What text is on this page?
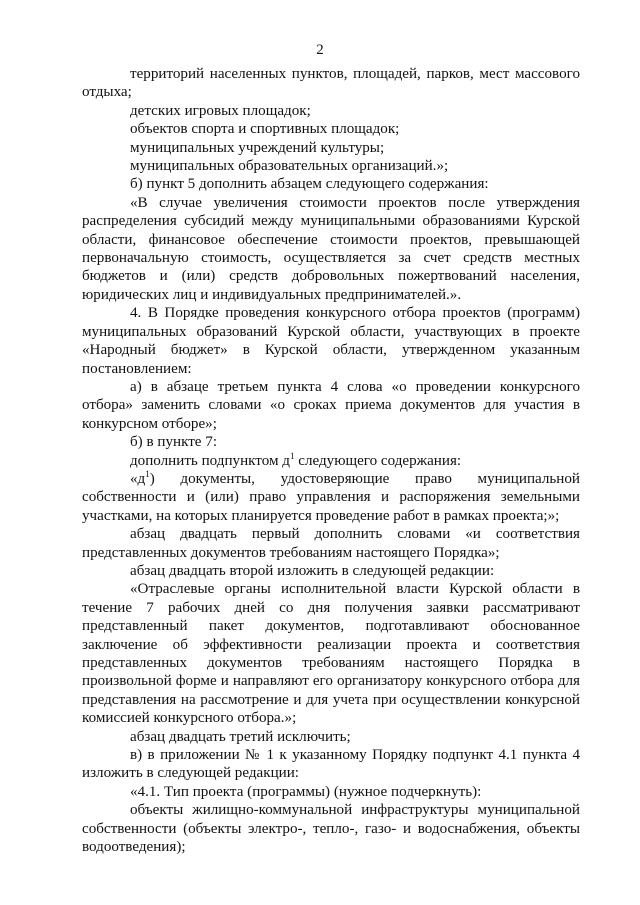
2

территорий населенных пунктов, площадей, парков, мест массового отдыха;

детских игровых площадок;

объектов спорта и спортивных площадок;

муниципальных учреждений культуры;

муниципальных образовательных организаций.»;

б) пункт 5 дополнить абзацем следующего содержания:

«В случае увеличения стоимости проектов после утверждения распределения субсидий между муниципальными образованиями Курской области, финансовое обеспечение стоимости проектов, превышающей первоначальную стоимость, осуществляется за счет средств местных бюджетов и (или) средств добровольных пожертвований населения, юридических лиц и индивидуальных предпринимателей.».

4. В Порядке проведения конкурсного отбора проектов (программ) муниципальных образований Курской области, участвующих в проекте «Народный бюджет» в Курской области, утвержденном указанным постановлением:

а) в абзаце третьем пункта 4 слова «о проведении конкурсного отбора» заменить словами «о сроках приема документов для участия в конкурсном отборе»;

б) в пункте 7:

дополнить подпунктом $д^1$ следующего содержания:

«$д^1$) документы, удостоверяющие право муниципальной собственности и (или) право управления и распоряжения земельными участками, на которых планируется проведение работ в рамках проекта;»;

абзац двадцать первый дополнить словами «и соответствия представленных документов требованиям настоящего Порядка»;

абзац двадцать второй изложить в следующей редакции:

«Отраслевые органы исполнительной власти Курской области в течение 7 рабочих дней со дня получения заявки рассматривают представленный пакет документов, подготавливают обоснованное заключение об эффективности реализации проекта и соответствия представленных документов требованиям настоящего Порядка в произвольной форме и направляют его организатору конкурсного отбора для представления на рассмотрение и для учета при осуществлении конкурсной комиссией конкурсного отбора.»;

абзац двадцать третий исключить;

в) в приложении № 1 к указанному Порядку подпункт 4.1 пункта 4 изложить в следующей редакции:

«4.1. Тип проекта (программы) (нужное подчеркнуть):

объекты жилищно-коммунальной инфраструктуры муниципальной собственности (объекты электро-, тепло-, газо- и водоснабжения, объекты водоотведения);
